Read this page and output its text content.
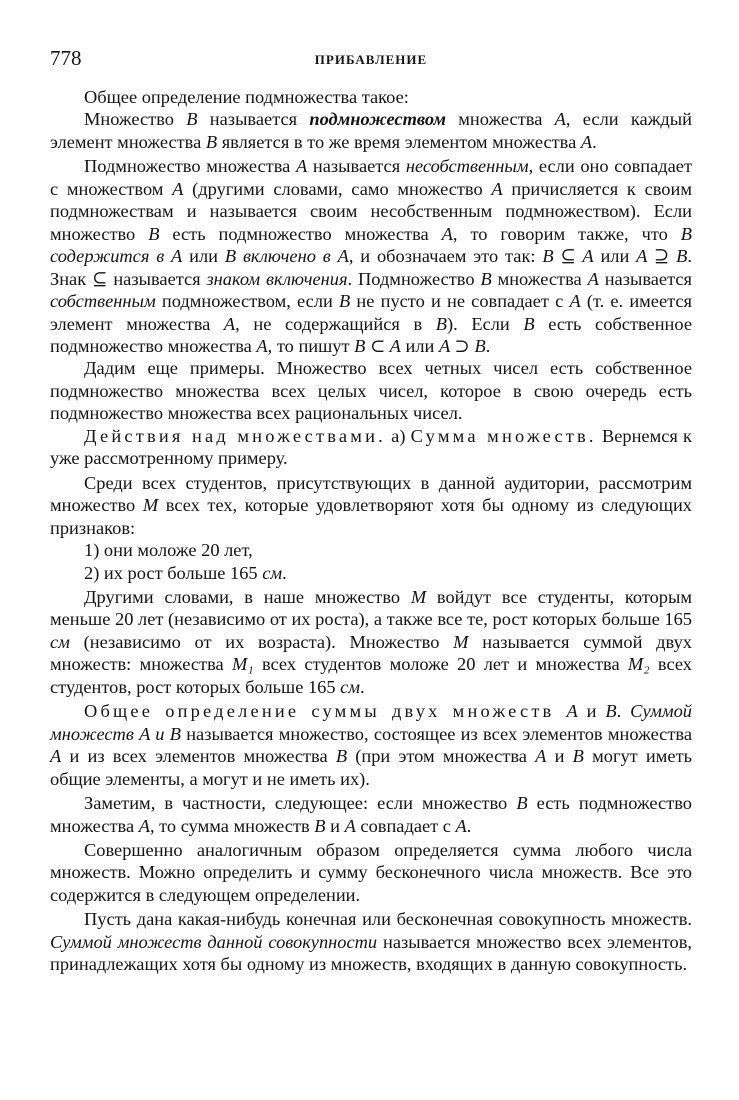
778	ПРИБАВЛЕНИЕ

Общее определение подмножества такое:

Множество B называется подмножеством множества A, если каждый элемент множества B является в то же время элементом множества A.

Подмножество множества A называется несобственным, если оно совпадает с множеством A (другими словами, само множество A причисляется к своим подмножествам и называется своим несобственным подмножеством). Если множество B есть подмножество множества A, то говорим также, что B содержится в A или B включено в A, и обозначаем это так: B ⊆ A или A ⊇ B. Знак ⊆ называется знаком включения. Подмножество B множества A называется собственным подмножеством, если B не пусто и не совпадает с A (т. е. имеется элемент множества A, не содержащийся в B). Если B есть собственное подмножество множества A, то пишут B ⊂ A или A ⊃ B.

Дадим еще примеры. Множество всех четных чисел есть собственное подмножество множества всех целых чисел, которое в свою очередь есть подмножество множества всех рациональных чисел.

Действия над множествами. а) Сумма множеств. Вернемся к уже рассмотренному примеру.

Среди всех студентов, присутствующих в данной аудитории, рассмотрим множество M всех тех, которые удовлетворяют хотя бы одному из следующих признаков:

1) они моложе 20 лет,

2) их рост больше 165 см.

Другими словами, в наше множество M войдут все студенты, которым меньше 20 лет (независимо от их роста), а также все те, рост которых больше 165 см (независимо от их возраста). Множество M называется суммой двух множеств: множества M₁ всех студентов моложе 20 лет и множества M₂ всех студентов, рост которых больше 165 см.

Общее определение суммы двух множеств A и B. Суммой множеств A и B называется множество, состоящее из всех элементов множества A и из всех элементов множества B (при этом множества A и B могут иметь общие элементы, а могут и не иметь их).

Заметим, в частности, следующее: если множество B есть подмножество множества A, то сумма множеств B и A совпадает с A.

Совершенно аналогичным образом определяется сумма любого числа множеств. Можно определить и сумму бесконечного числа множеств. Все это содержится в следующем определении.

Пусть дана какая-нибудь конечная или бесконечная совокупность множеств. Суммой множеств данной совокупности называется множество всех элементов, принадлежащих хотя бы одному из множеств, входящих в данную совокупность.
